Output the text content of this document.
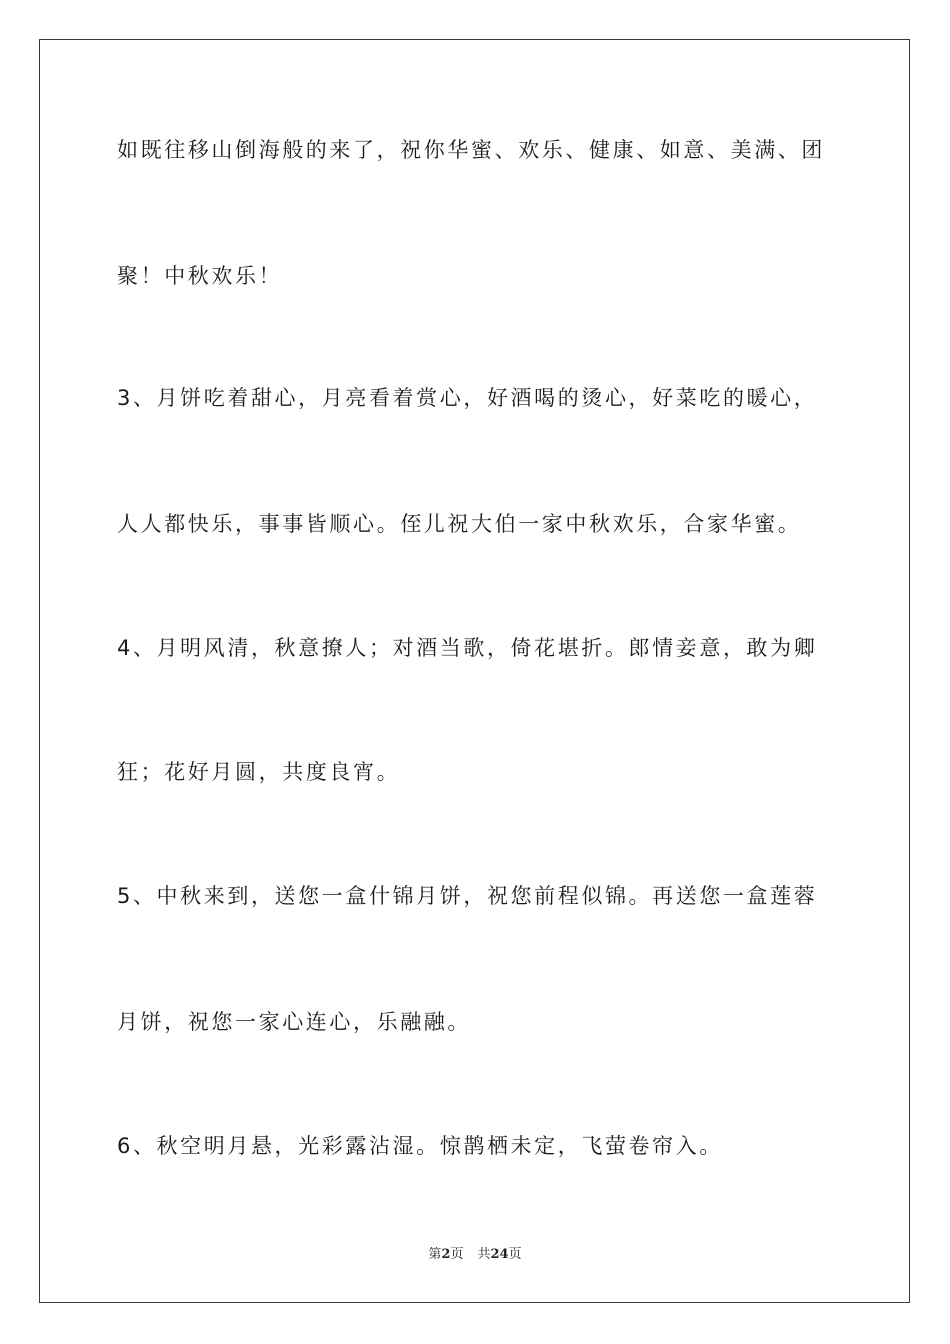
如既往移山倒海般的来了，祝你华蜜、欢乐、健康、如意、美满、团
聚！中秋欢乐！
3、月饼吃着甜心，月亮看着赏心，好酒喝的烫心，好菜吃的暖心，
人人都快乐，事事皆顺心。侄儿祝大伯一家中秋欢乐，合家华蜜。
4、月明风清，秋意撩人；对酒当歌，倚花堪折。郎情妾意，敢为卿
狂；花好月圆，共度良宵。
5、中秋来到，送您一盒什锦月饼，祝您前程似锦。再送您一盒莲蓉
月饼，祝您一家心连心，乐融融。
6、秋空明月悬，光彩露沾湿。惊鹊栖未定，飞萤卷帘入。
第2页 共24页
